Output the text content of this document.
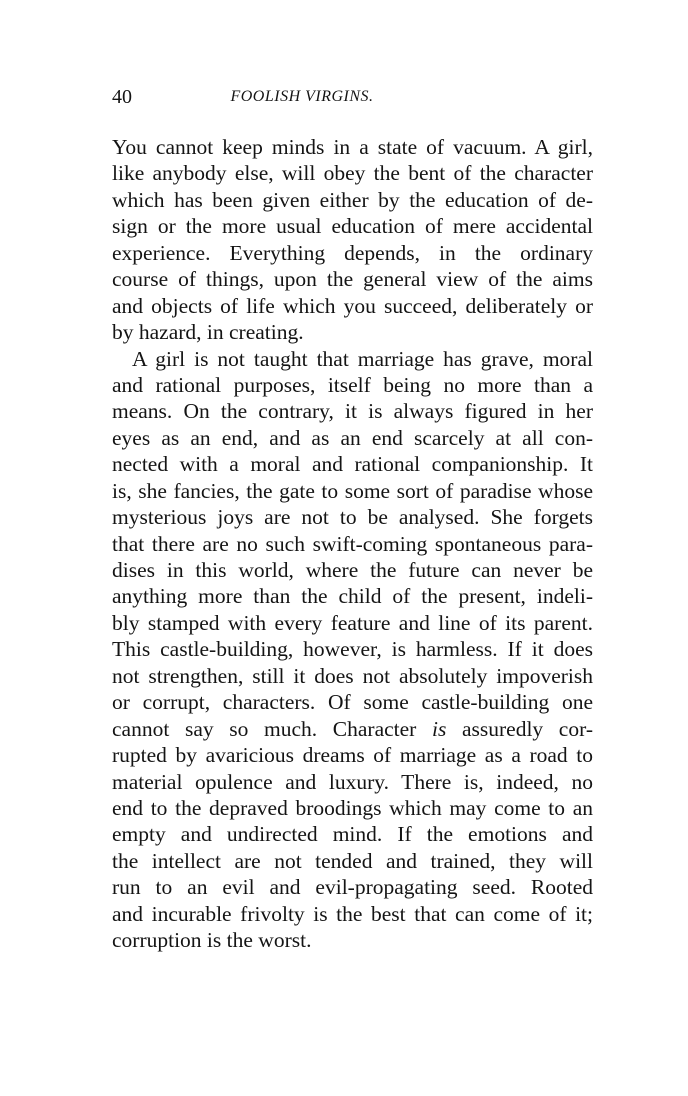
40	FOOLISH VIRGINS.
You cannot keep minds in a state of vacuum. A girl,
like anybody else, will obey the bent of the character
which has been given either by the education of de-
sign or the more usual education of mere accidental
experience. Everything depends, in the ordinary
course of things, upon the general view of the aims
and objects of life which you succeed, deliberately or
by hazard, in creating.
A girl is not taught that marriage has grave, moral
and rational purposes, itself being no more than a
means. On the contrary, it is always figured in her
eyes as an end, and as an end scarcely at all con-
nected with a moral and rational companionship. It
is, she fancies, the gate to some sort of paradise whose
mysterious joys are not to be analysed. She forgets
that there are no such swift-coming spontaneous para-
dises in this world, where the future can never be
anything more than the child of the present, indeli-
bly stamped with every feature and line of its parent.
This castle-building, however, is harmless. If it does
not strengthen, still it does not absolutely impoverish
or corrupt, characters. Of some castle-building one
cannot say so much. Character is assuredly cor-
rupted by avaricious dreams of marriage as a road to
material opulence and luxury. There is, indeed, no
end to the depraved broodings which may come to an
empty and undirected mind. If the emotions and
the intellect are not tended and trained, they will
run to an evil and evil-propagating seed. Rooted
and incurable frivolty is the best that can come of it;
corruption is the worst.
